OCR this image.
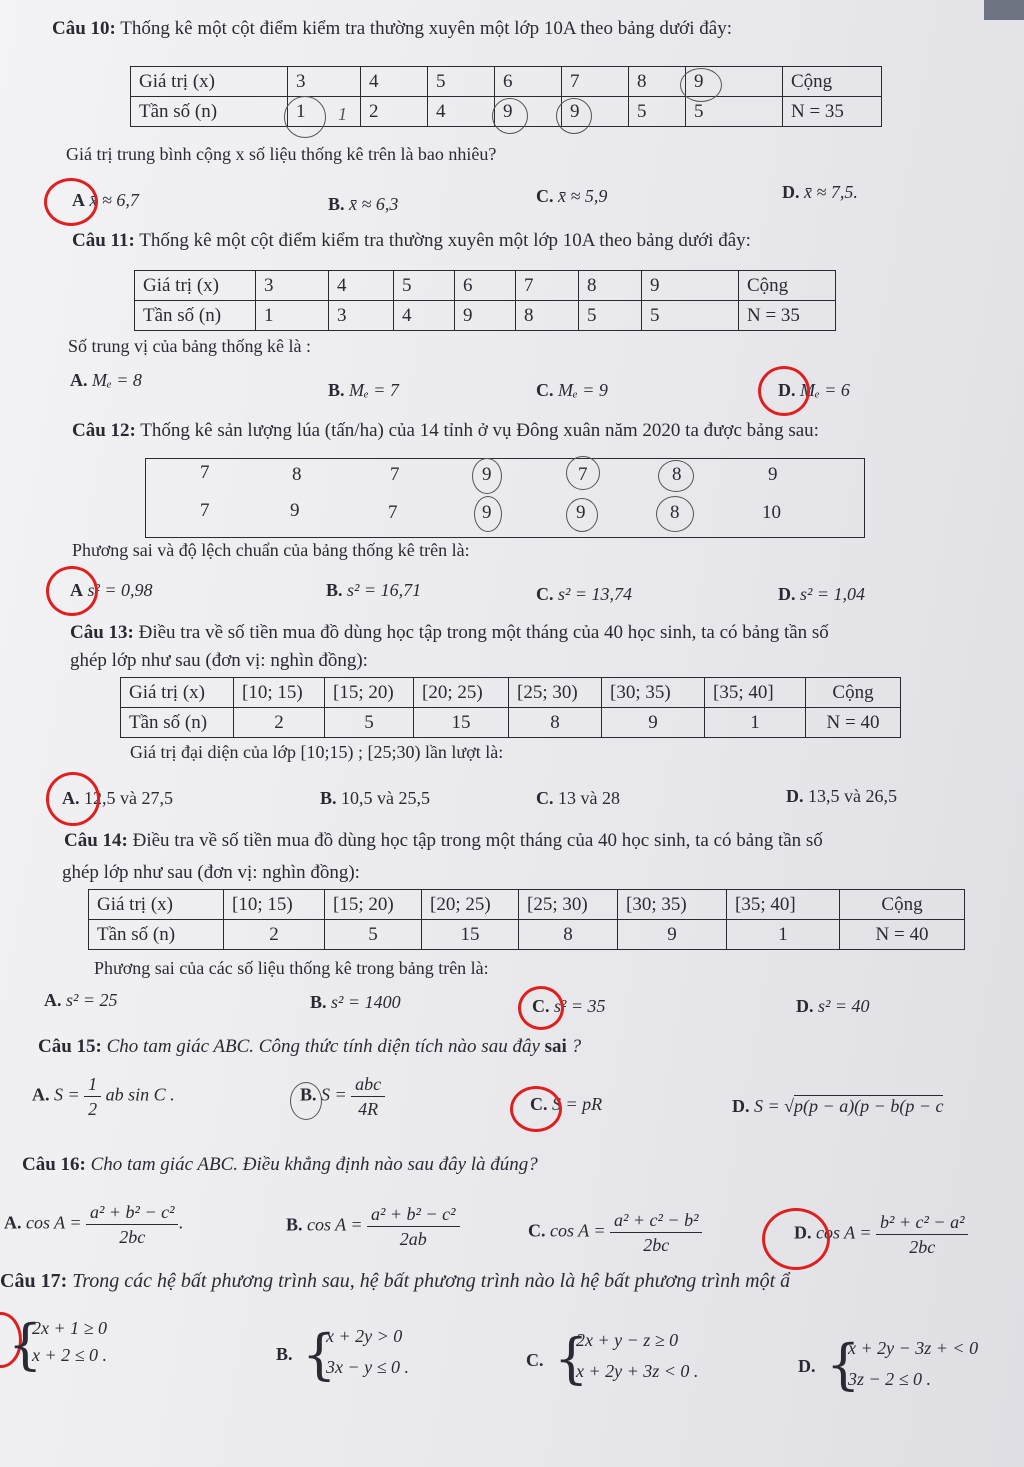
Câu 10: Thống kê một cột điểm kiểm tra thường xuyên một lớp 10A theo bảng dưới đây:
Giá trị (x)	3	4	5	6	7	8	9	Cộng
Tần số (n)	1	2	4	9	9	5	5	N = 35
1
Giá trị trung bình cộng x số liệu thống kê trên là bao nhiêu?
A x̄ ≈ 6,7	B. x̄ ≈ 6,3	C. x̄ ≈ 5,9	D. x̄ ≈ 7,5.
Câu 11: Thống kê một cột điểm kiểm tra thường xuyên một lớp 10A theo bảng dưới đây:
Giá trị (x)	3	4	5	6	7	8	9	Cộng
Tần số (n)	1	3	4	9	8	5	5	N = 35
Số trung vị của bảng thống kê là :
A. Mₑ = 8	B. Mₑ = 7	C. Mₑ = 9	D. Mₑ = 6
Câu 12: Thống kê sản lượng lúa (tấn/ha) của 14 tỉnh ở vụ Đông xuân năm 2020 ta được bảng sau:
7	8	7	9	7	8	9
7	9	7	9	9	8	10
Phương sai và độ lệch chuẩn của bảng thống kê trên là:
A s² = 0,98	B. s² = 16,71	C. s² = 13,74	D. s² = 1,04
Câu 13: Điều tra về số tiền mua đồ dùng học tập trong một tháng của 40 học sinh, ta có bảng tần số
ghép lớp như sau (đơn vị: nghìn đồng):
Giá trị (x)	[10; 15)	[15; 20)	[20; 25)	[25; 30)	[30; 35)	[35; 40]	Cộng
Tần số (n)	2	5	15	8	9	1	N = 40
Giá trị đại diện của lớp [10;15) ; [25;30) lần lượt là:
A. 12,5 và 27,5	B. 10,5 và 25,5	C. 13 và 28	D. 13,5 và 26,5
Câu 14: Điều tra về số tiền mua đồ dùng học tập trong một tháng của 40 học sinh, ta có bảng tần số
ghép lớp như sau (đơn vị: nghìn đồng):
Giá trị (x)	[10; 15)	[15; 20)	[20; 25)	[25; 30)	[30; 35)	[35; 40]	Cộng
Tần số (n)	2	5	15	8	9	1	N = 40
Phương sai của các số liệu thống kê trong bảng trên là:
A. s² = 25	B. s² = 1400	C. s² = 35	D. s² = 40
Câu 15: Cho tam giác ABC. Công thức tính diện tích nào sau đây sai ?
A. $S = \frac{1}{2}$ ab sin C .	B. $S = \frac{\text{abc}}{4R}$	C. S = pR	D. S = √p(p − a)(p − b(p − c
Câu 16: Cho tam giác ABC. Điều khẳng định nào sau đây là đúng?
A. $\cos A = \frac{\text{a² + b² − c²}}{2bc}$ .	B. $\cos A = \frac{\text{a² + b² − c²}}{2ab}$	C. $\cos A = \frac{\text{a² + c² − b²}}{2bc}$	D. $\cos A = \frac{\text{b² + c² − a²}}{2bc}$
Câu 17: Trong các hệ bất phương trình sau, hệ bất phương trình nào là hệ bất phương trình một ẩ
{
2x + 1 ≥ 0
x + 2 ≤ 0 .	B. {
x + 2y > 0
3x − y ≤ 0 .	C. {
2x + y − z ≥ 0
x + 2y + 3z < 0 .	D. {
x + 2y − 3z + < 0
3z − 2 ≤ 0 .
